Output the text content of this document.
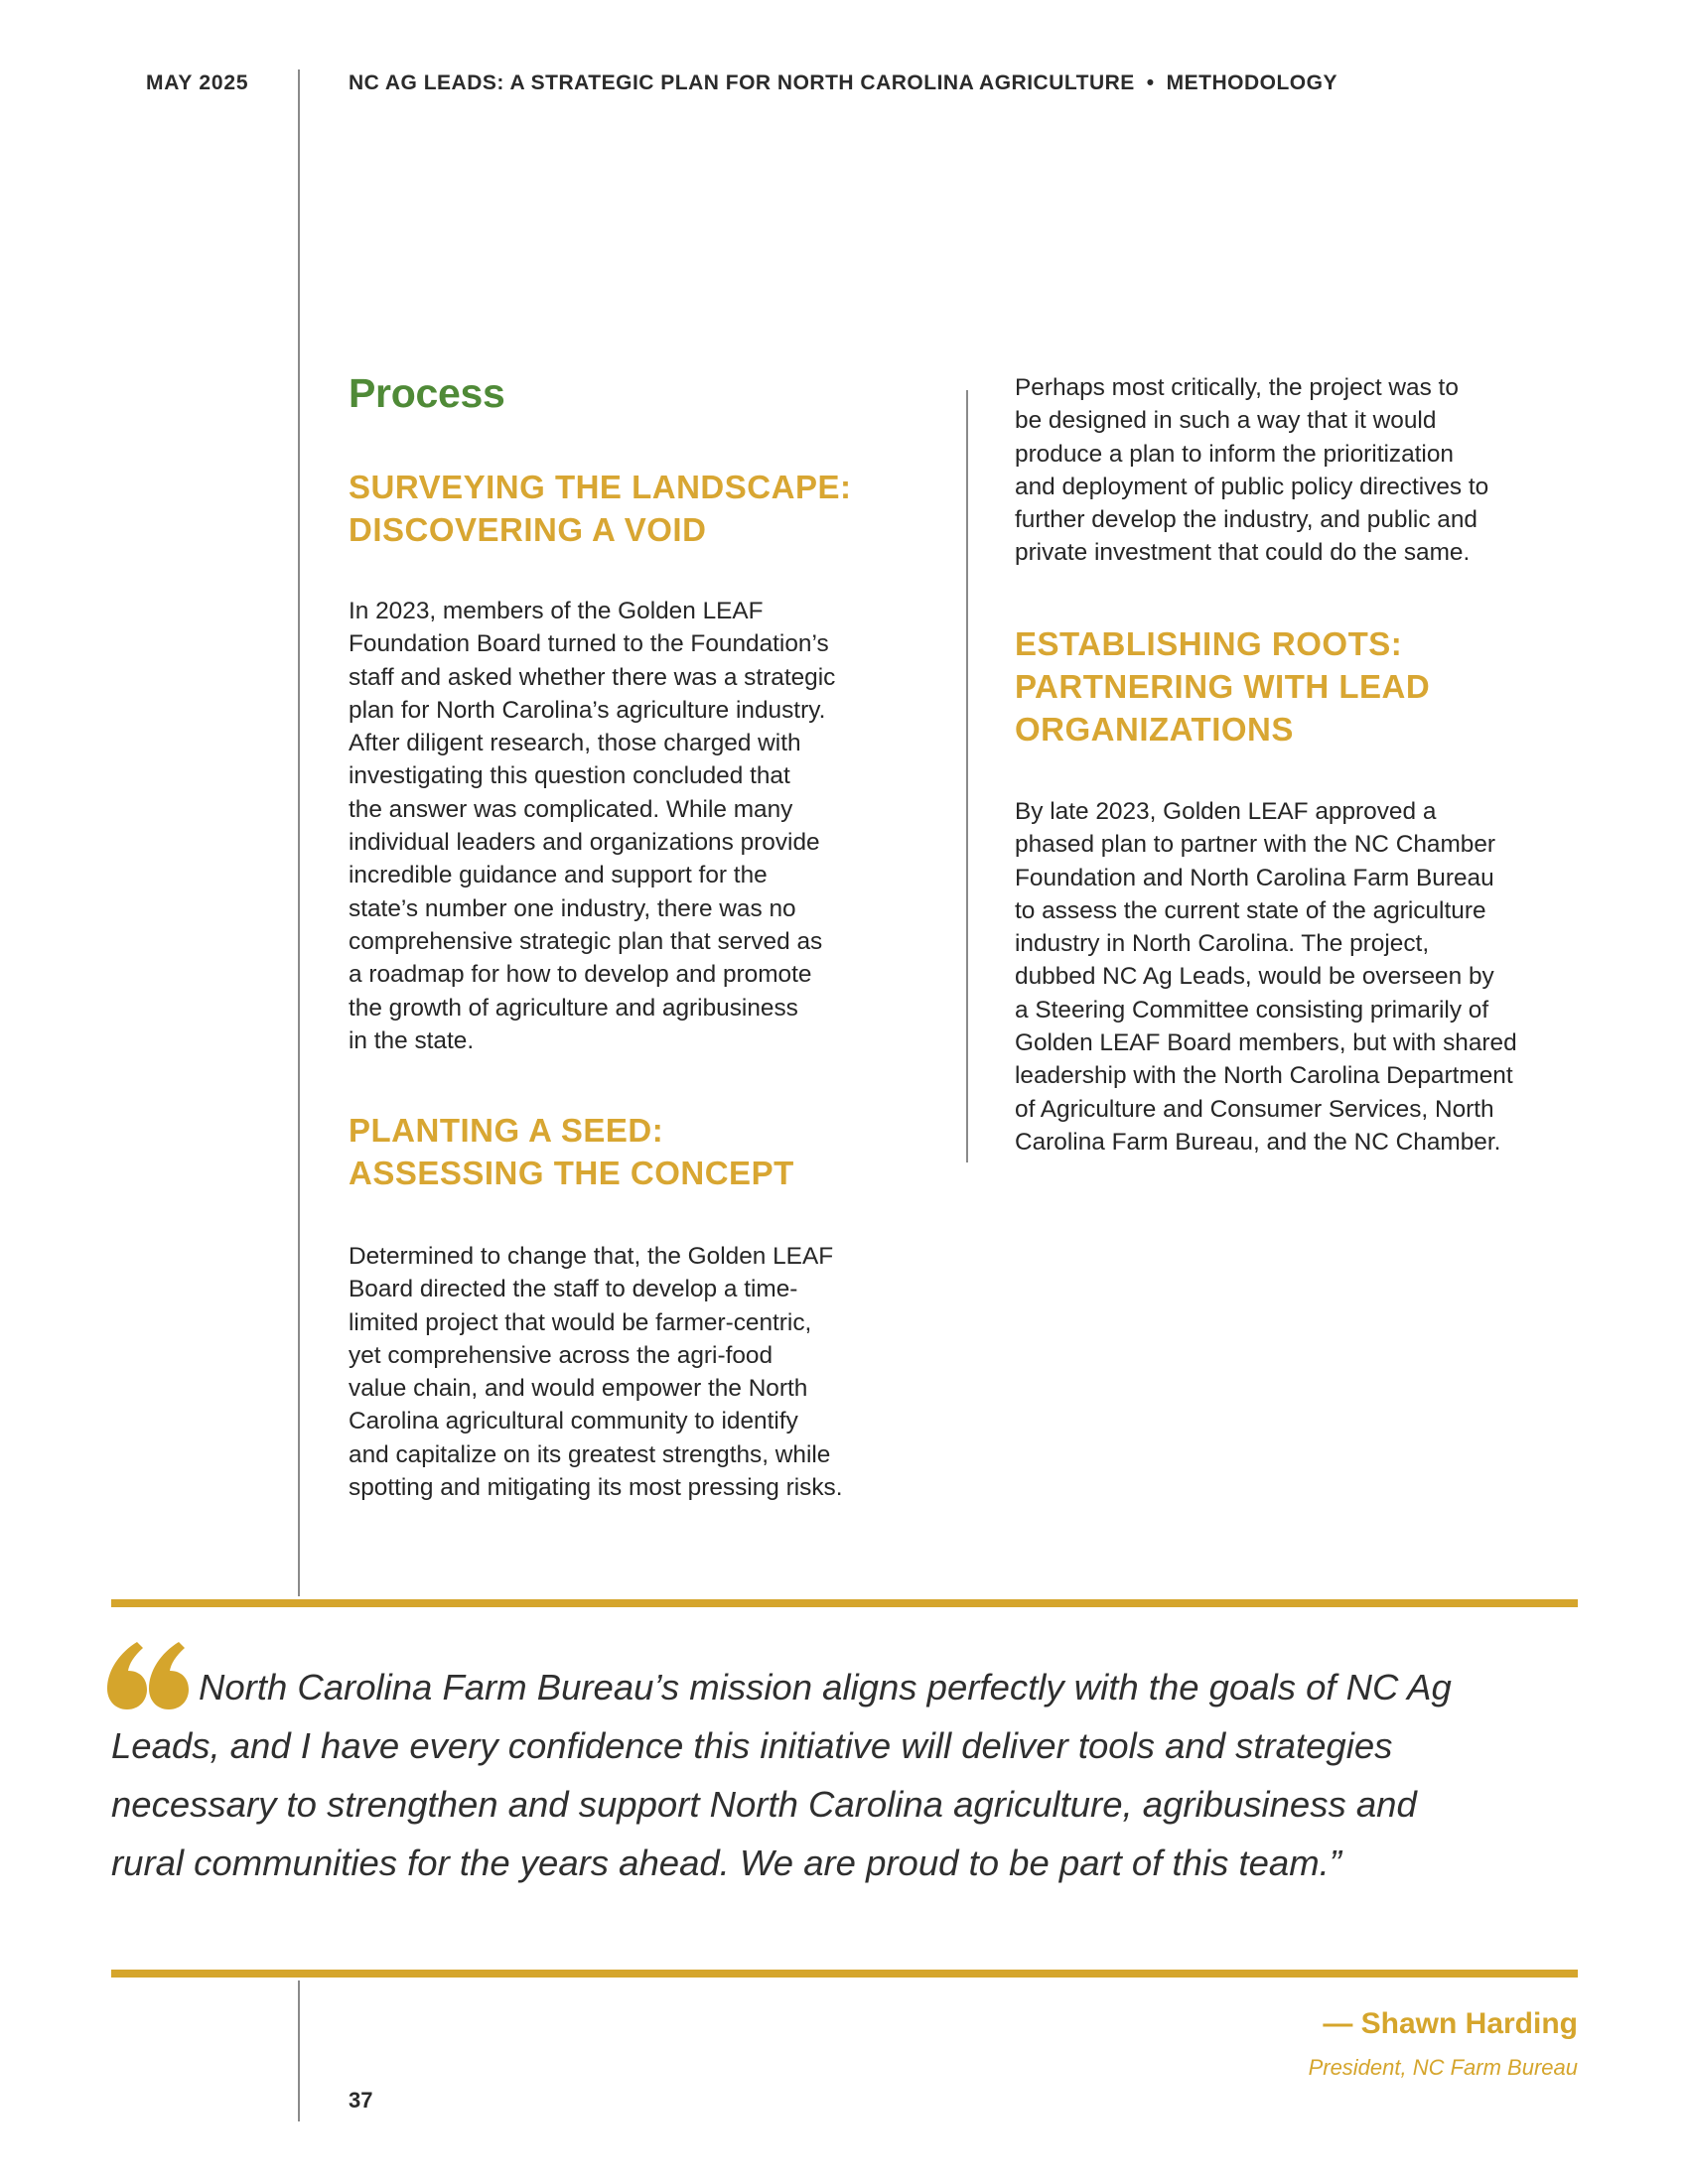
MAY 2025	NC AG LEADS: A STRATEGIC PLAN FOR NORTH CAROLINA AGRICULTURE • METHODOLOGY
Process
SURVEYING THE LANDSCAPE:
DISCOVERING A VOID

In 2023, members of the Golden LEAF
Foundation Board turned to the Foundation’s
staff and asked whether there was a strategic
plan for North Carolina’s agriculture industry.
After diligent research, those charged with
investigating this question concluded that
the answer was complicated. While many
individual leaders and organizations provide
incredible guidance and support for the
state’s number one industry, there was no
comprehensive strategic plan that served as
a roadmap for how to develop and promote
the growth of agriculture and agribusiness
in the state.

PLANTING A SEED:
ASSESSING THE CONCEPT

Determined to change that, the Golden LEAF
Board directed the staff to develop a time-
limited project that would be farmer-centric,
yet comprehensive across the agri-food
value chain, and would empower the North
Carolina agricultural community to identify
and capitalize on its greatest strengths, while
spotting and mitigating its most pressing risks.

Perhaps most critically, the project was to
be designed in such a way that it would
produce a plan to inform the prioritization
and deployment of public policy directives to
further develop the industry, and public and
private investment that could do the same.

ESTABLISHING ROOTS:
PARTNERING WITH LEAD
ORGANIZATIONS

By late 2023, Golden LEAF approved a
phased plan to partner with the NC Chamber
Foundation and North Carolina Farm Bureau
to assess the current state of the agriculture
industry in North Carolina. The project,
dubbed NC Ag Leads, would be overseen by
a Steering Committee consisting primarily of
Golden LEAF Board members, but with shared
leadership with the North Carolina Department
of Agriculture and Consumer Services, North
Carolina Farm Bureau, and the NC Chamber.

North Carolina Farm Bureau’s mission aligns perfectly with the goals of NC Ag
Leads, and I have every confidence this initiative will deliver tools and strategies
necessary to strengthen and support North Carolina agriculture, agribusiness and
rural communities for the years ahead. We are proud to be part of this team.”

— Shawn Harding
President, NC Farm Bureau
37
